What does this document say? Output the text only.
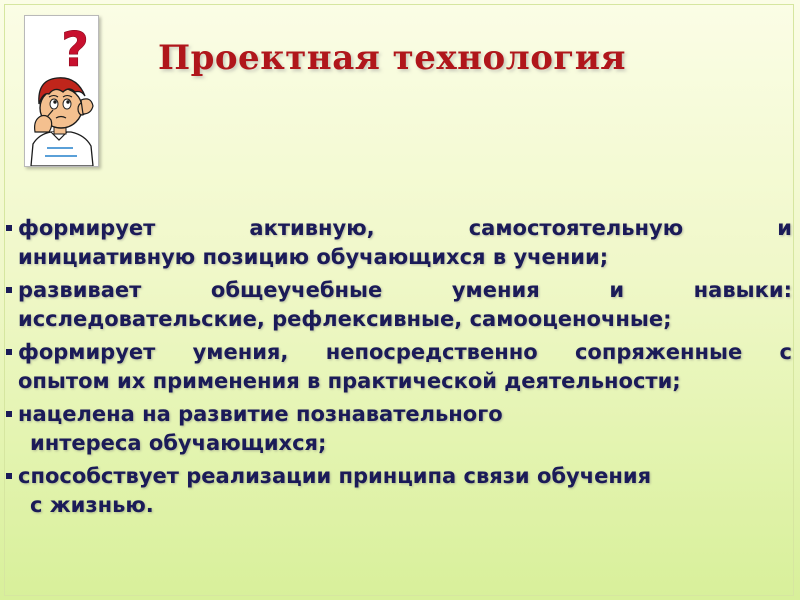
? Проектная технология
формирует активную, самостоятельную и
инициативную позицию обучающихся в учении;
развивает общеучебные умения и навыки:
исследовательские, рефлексивные, самооценочные;
формирует умения, непосредственно сопряженные с
опытом их применения в практической деятельности;
нацелена на развитие познавательного
интереса обучающихся;
способствует реализации принципа связи обучения
с жизнью.
